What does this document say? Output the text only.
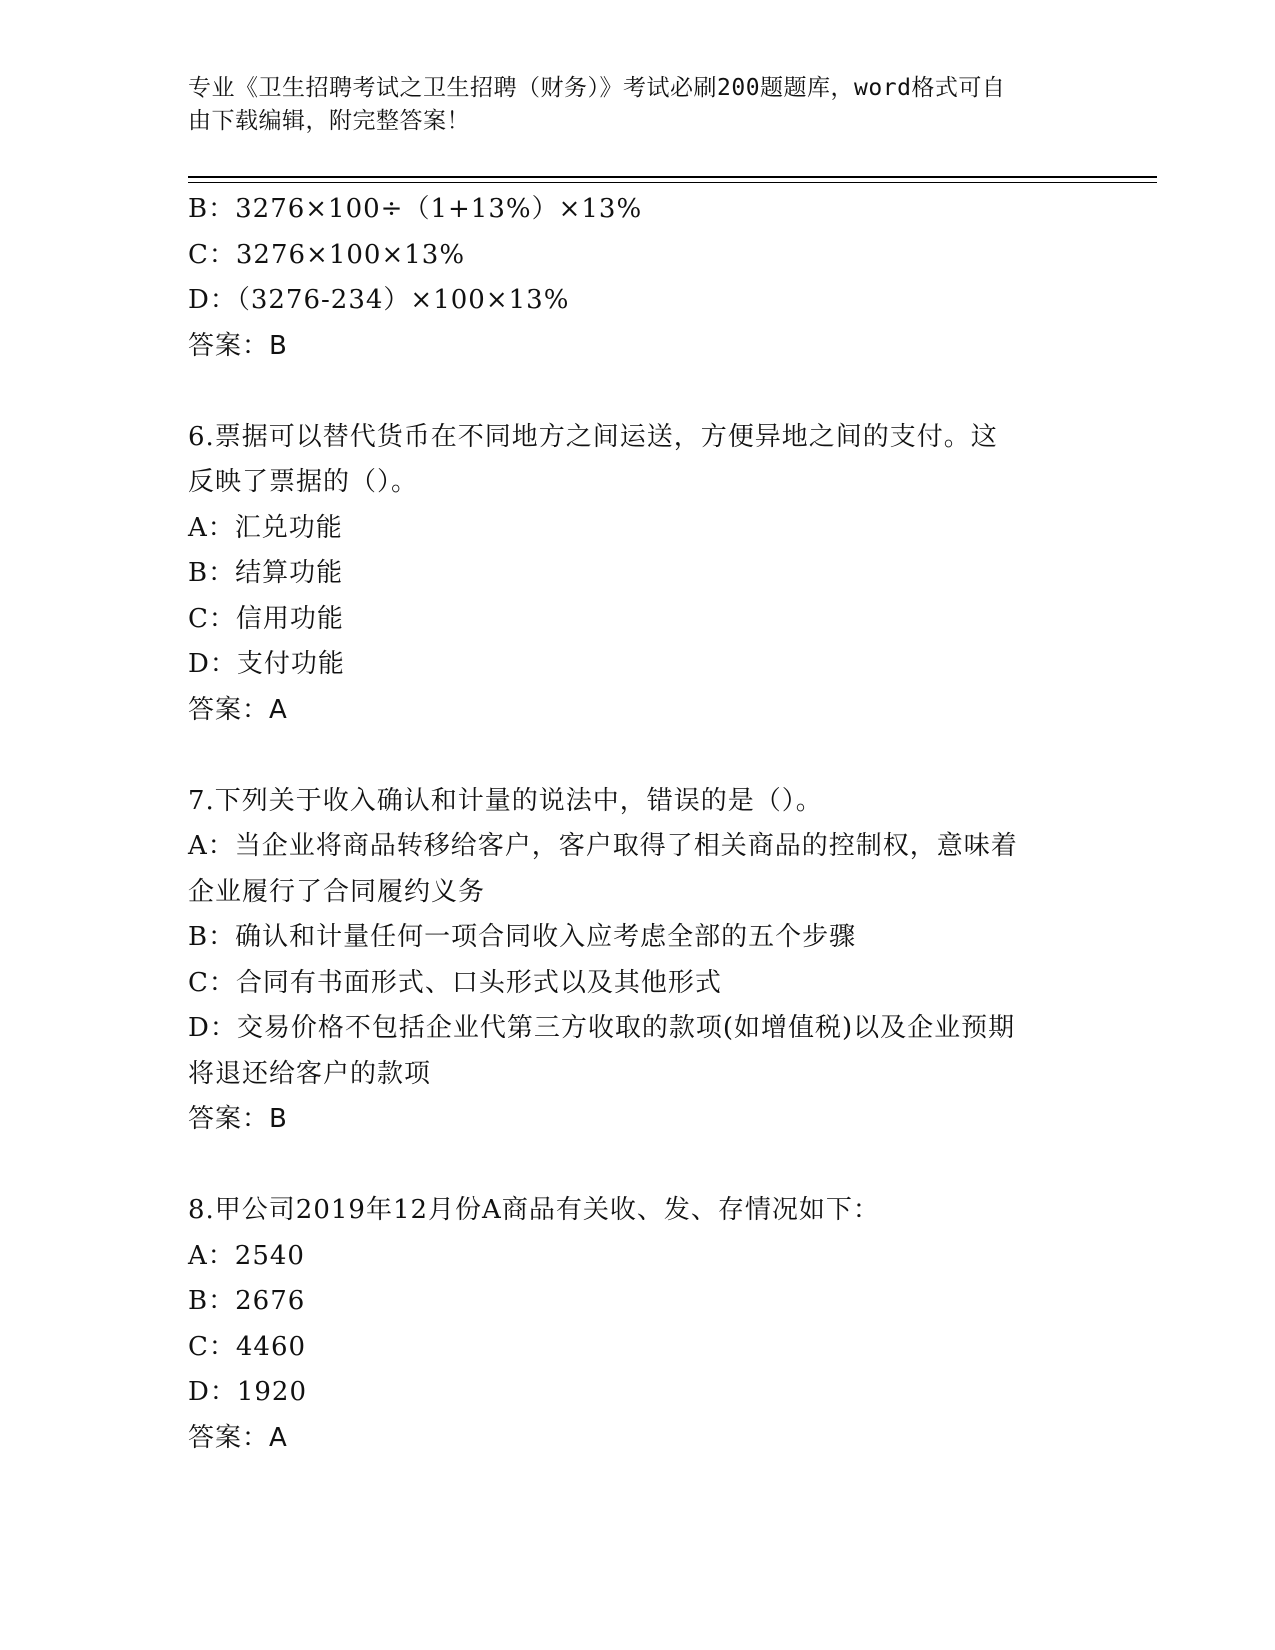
专业《卫生招聘考试之卫生招聘（财务）》考试必刷200题题库，word格式可自
由下载编辑，附完整答案！
B：3276×100÷（1+13%）×13%
C：3276×100×13%
D：（3276-234）×100×13%
答案：B
6.票据可以替代货币在不同地方之间运送，方便异地之间的支付。这
反映了票据的（）。
A：汇兑功能
B：结算功能
C：信用功能
D：支付功能
答案：A
7.下列关于收入确认和计量的说法中，错误的是（）。
A：当企业将商品转移给客户，客户取得了相关商品的控制权，意味着
企业履行了合同履约义务
B：确认和计量任何一项合同收入应考虑全部的五个步骤
C：合同有书面形式、口头形式以及其他形式
D：交易价格不包括企业代第三方收取的款项(如增值税)以及企业预期
将退还给客户的款项
答案：B
8.甲公司2019年12月份A商品有关收、发、存情况如下：
A：2540
B：2676
C：4460
D：1920
答案：A
